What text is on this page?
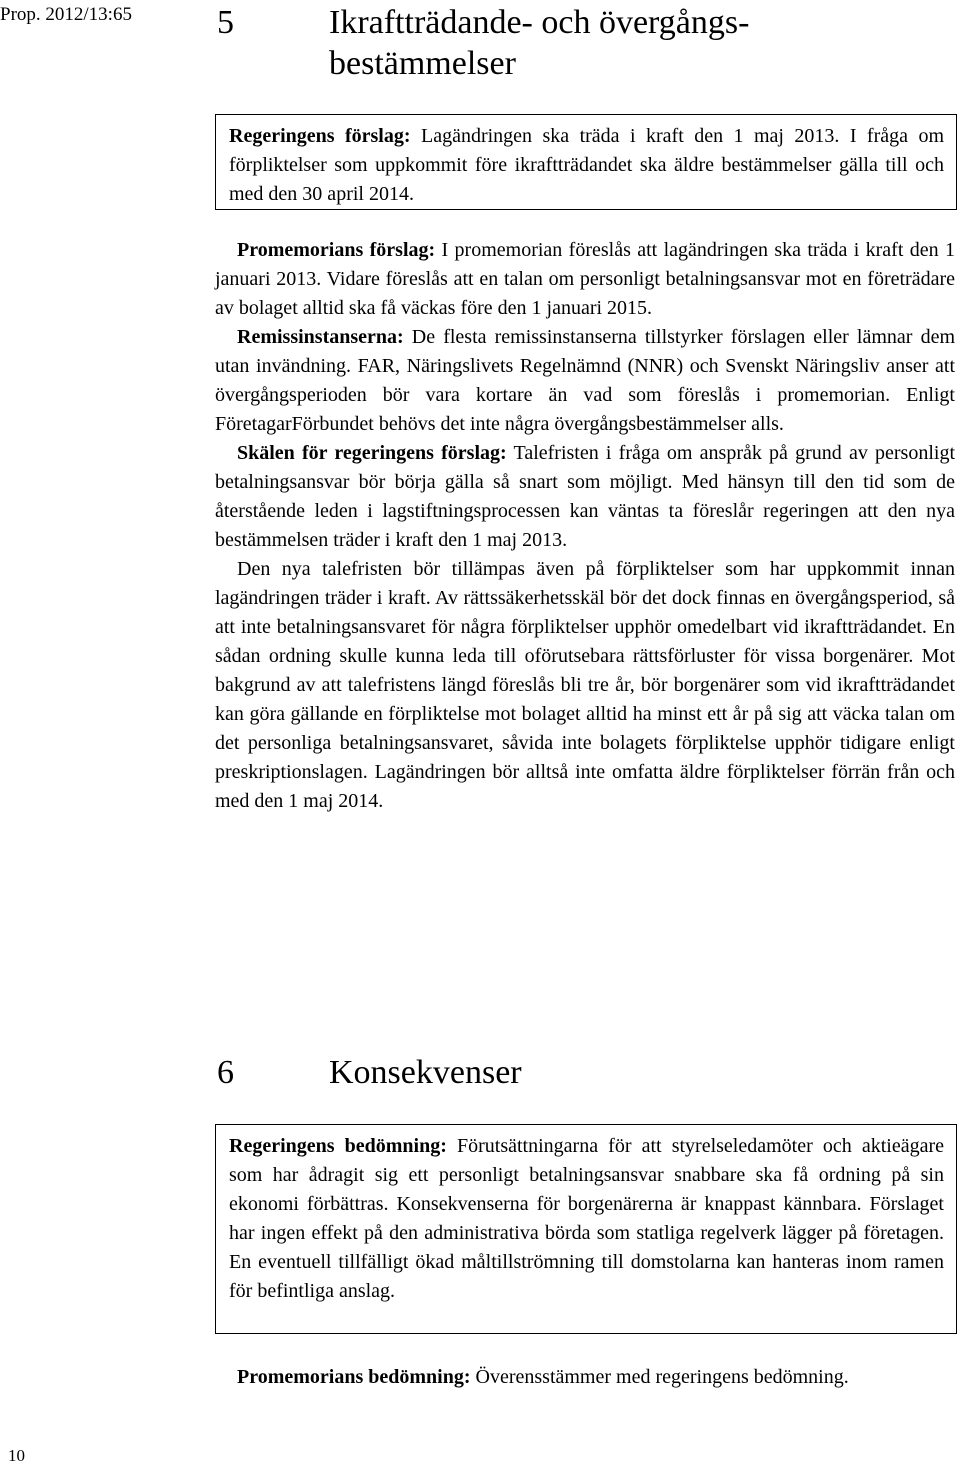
Prop. 2012/13:65	5	Ikraftträdande- och övergångs-bestämmelser
Regeringens förslag: Lagändringen ska träda i kraft den 1 maj 2013. I fråga om förpliktelser som uppkommit före ikraftträdandet ska äldre bestämmelser gälla till och med den 30 april 2014.

Promemorians förslag: I promemorian föreslås att lagändringen ska träda i kraft den 1 januari 2013. Vidare föreslås att en talan om personligt betalningsansvar mot en företrädare av bolaget alltid ska få väckas före den 1 januari 2015.

Remissinstanserna: De flesta remissinstanserna tillstyrker förslagen eller lämnar dem utan invändning. FAR, Näringslivets Regelnämnd (NNR) och Svenskt Näringsliv anser att övergångsperioden bör vara kortare än vad som föreslås i promemorian. Enligt FöretagarFörbundet behövs det inte några övergångsbestämmelser alls.

Skälen för regeringens förslag: Talefristen i fråga om anspråk på grund av personligt betalningsansvar bör börja gälla så snart som möjligt. Med hänsyn till den tid som de återstående leden i lagstiftningsprocessen kan väntas ta föreslår regeringen att den nya bestämmelsen träder i kraft den 1 maj 2013.

Den nya talefristen bör tillämpas även på förpliktelser som har uppkommit innan lagändringen träder i kraft. Av rättssäkerhetsskäl bör det dock finnas en övergångsperiod, så att inte betalningsansvaret för några förpliktelser upphör omedelbart vid ikraftträdandet. En sådan ordning skulle kunna leda till oförutsebara rättsförluster för vissa borgenärer. Mot bakgrund av att talefristens längd föreslås bli tre år, bör borgenärer som vid ikraftträdandet kan göra gällande en förpliktelse mot bolaget alltid ha minst ett år på sig att väcka talan om det personliga betalningsansvaret, såvida inte bolagets förpliktelse upphör tidigare enligt preskriptionslagen. Lagändringen bör alltså inte omfatta äldre förpliktelser förrän från och med den 1 maj 2014.

6	Konsekvenser
Regeringens bedömning: Förutsättningarna för att styrelseledamöter och aktieägare som har ådragit sig ett personligt betalningsansvar snabbare ska få ordning på sin ekonomi förbättras. Konsekvenserna för borgenärerna är knappast kännbara. Förslaget har ingen effekt på den administrativa börda som statliga regelverk lägger på företagen. En eventuell tillfälligt ökad måltillströmning till domstolarna kan hanteras inom ramen för befintliga anslag.

Promemorians bedömning: Överensstämmer med regeringens bedömning.

10
